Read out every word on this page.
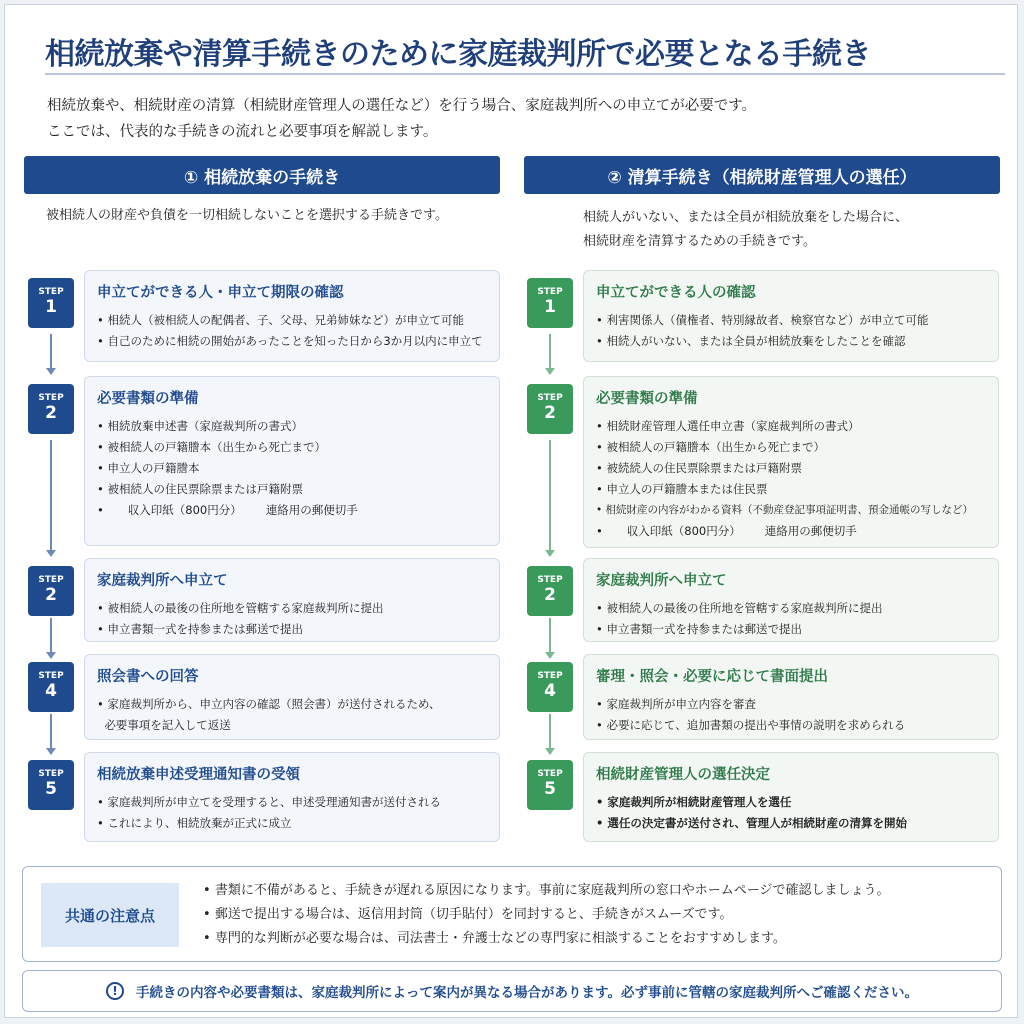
相続放棄や清算手続きのために家庭裁判所で必要となる手続き
相続放棄や、相続財産の清算（相続財産管理人の選任など）を行う場合、家庭裁判所への申立てが必要です。
ここでは、代表的な手続きの流れと必要事項を解説します。
① 相続放棄の手続き	② 清算手続き（相続財産管理人の選任）
被相続人の財産や負債を一切相続しないことを選択する手続きです。	相続人がいない、または全員が相続放棄をした場合に、
相続財産を清算するための手続きです。
STEP
1
申立てができる人・申立て期限の確認
• 相続人（被相続人の配偶者、子、父母、兄弟姉妹など）が申立て可能
• 自己のために相続の開始があったことを知った日から3か月以内に申立て
STEP
2
必要書類の準備
• 相続放棄申述書（家庭裁判所の書式）
• 被相続人の戸籍謄本（出生から死亡まで）
• 申立人の戸籍謄本
• 被相続人の住民票除票または戸籍附票
• 収入印紙（800円分） 連絡用の郵便切手
STEP
2
家庭裁判所へ申立て
• 被相続人の最後の住所地を管轄する家庭裁判所に提出
• 申立書類一式を持参または郵送で提出
STEP
4
照会書への回答
• 家庭裁判所から、申立内容の確認（照会書）が送付されるため、
必要事項を記入して返送
STEP
5
相続放棄申述受理通知書の受領
• 家庭裁判所が申立てを受理すると、申述受理通知書が送付される
• これにより、相続放棄が正式に成立
STEP
1
申立てができる人の確認
• 利害関係人（債権者、特別縁故者、検察官など）が申立て可能
• 相続人がいない、または全員が相続放棄をしたことを確認
STEP
2
必要書類の準備
• 相続財産管理人選任申立書（家庭裁判所の書式）
• 被相続人の戸籍謄本（出生から死亡まで）
• 被続続人の住民票除票または戸籍附票
• 申立人の戸籍謄本または住民票
• 相続財産の内容がわかる資料（不動産登記事項証明書、預金通帳の写しなど）
• 収入印紙（800円分） 連絡用の郵便切手
STEP
2
家庭裁判所へ申立て
• 被相続人の最後の住所地を管轄する家庭裁判所に提出
• 申立書類一式を持参または郵送で提出
STEP
4
審理・照会・必要に応じて書面提出
• 家庭裁判所が申立内容を審査
• 必要に応じて、追加書類の提出や事情の説明を求められる
STEP
5
相続財産管理人の選任決定
• 家庭裁判所が相続財産管理人を選任
• 選任の決定書が送付され、管理人が相続財産の清算を開始
共通の注意点
• 書類に不備があると、手続きが遅れる原因になります。事前に家庭裁判所の窓口やホームページで確認しましょう。
• 郵送で提出する場合は、返信用封筒（切手貼付）を同封すると、手続きがスムーズです。
• 専門的な判断が必要な場合は、司法書士・弁護士などの専門家に相談することをおすすめします。
!	手続きの内容や必要書類は、家庭裁判所によって案内が異なる場合があります。必ず事前に管轄の家庭裁判所へご確認ください。
